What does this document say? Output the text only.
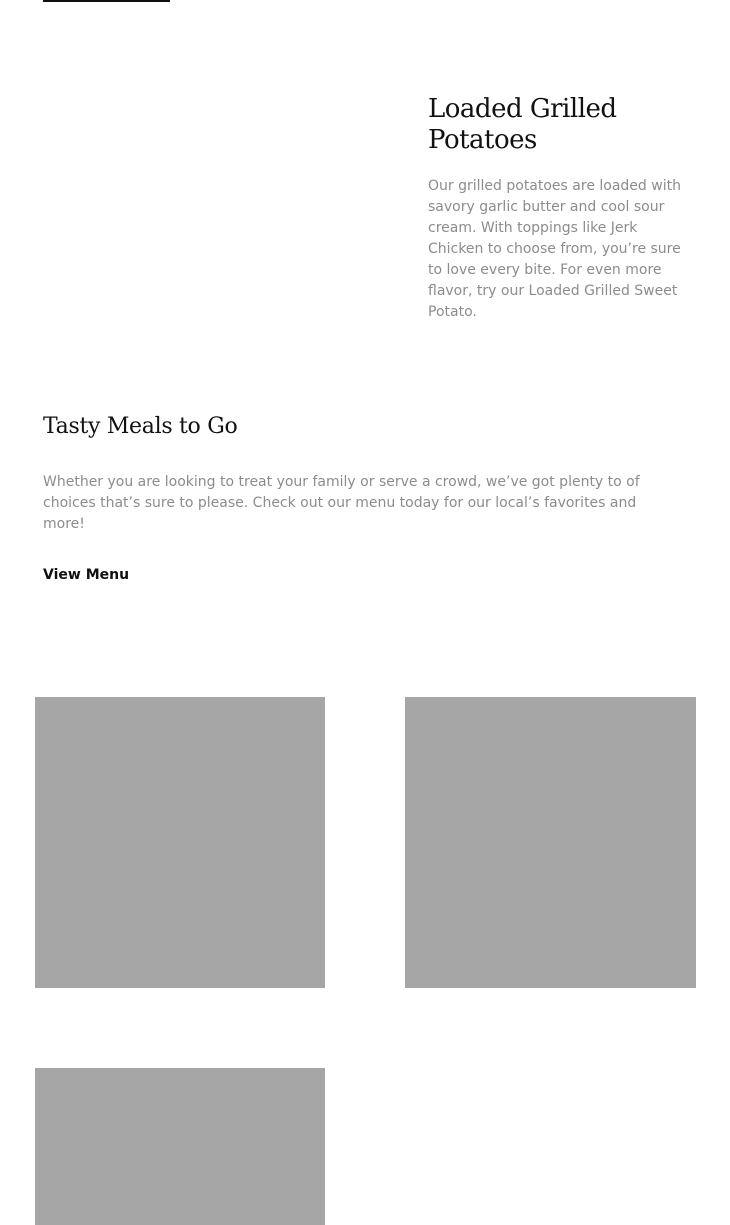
Loaded Grilled Potatoes

Our grilled potatoes are loaded with savory garlic butter and cool sour cream. With toppings like Jerk Chicken to choose from, you’re sure to love every bite. For even more flavor, try our Loaded Grilled Sweet Potato.

Tasty Meals to Go

Whether you are looking to treat your family or serve a crowd, we’ve got plenty to of choices that’s sure to please. Check out our menu today for our local’s favorites and more!

View Menu
